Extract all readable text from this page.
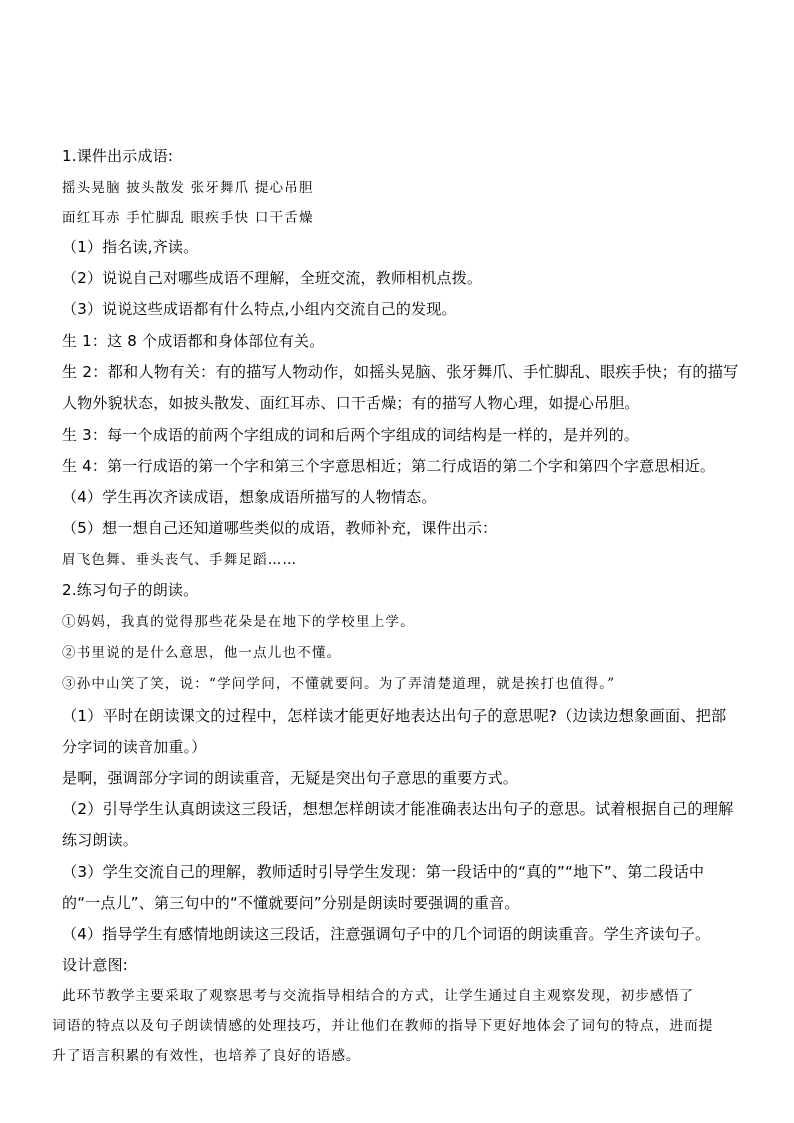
1.课件出示成语:
摇头晃脑 披头散发 张牙舞爪 提心吊胆
面红耳赤 手忙脚乱 眼疾手快 口干舌燥
（1）指名读,齐读。
（2）说说自己对哪些成语不理解，全班交流，教师相机点拨。
（3）说说这些成语都有什么特点,小组内交流自己的发现。
生 1：这 8 个成语都和身体部位有关。
生 2：都和人物有关：有的描写人物动作，如摇头晃脑、张牙舞爪、手忙脚乱、眼疾手快；有的描写
人物外貌状态，如披头散发、面红耳赤、口干舌燥；有的描写人物心理，如提心吊胆。
生 3：每一个成语的前两个字组成的词和后两个字组成的词结构是一样的，是并列的。
生 4：第一行成语的第一个字和第三个字意思相近；第二行成语的第二个字和第四个字意思相近。
（4）学生再次齐读成语，想象成语所描写的人物情态。
（5）想一想自己还知道哪些类似的成语，教师补充，课件出示：
眉飞色舞、垂头丧气、手舞足蹈……
2.练习句子的朗读。
①妈妈，我真的觉得那些花朵是在地下的学校里上学。
②书里说的是什么意思，他一点儿也不懂。
③孙中山笑了笑，说：“学问学问，不懂就要问。为了弄清楚道理，就是挨打也值得。”
（1）平时在朗读课文的过程中，怎样读才能更好地表达出句子的意思呢?（边读边想象画面、把部
分字词的读音加重。）
是啊，强调部分字词的朗读重音，无疑是突出句子意思的重要方式。
（2）引导学生认真朗读这三段话，想想怎样朗读才能准确表达出句子的意思。试着根据自己的理解
练习朗读。
（3）学生交流自己的理解，教师适时引导学生发现：第一段话中的“真的”“地下”、第二段话中
的“一点儿”、第三句中的“不懂就要问”分别是朗读时要强调的重音。
（4）指导学生有感情地朗读这三段话，注意强调句子中的几个词语的朗读重音。学生齐读句子。
设计意图:
此环节教学主要采取了观察思考与交流指导相结合的方式，让学生通过自主观察发现，初步感悟了
词语的特点以及句子朗读情感的处理技巧，并让他们在教师的指导下更好地体会了词句的特点，进而提
升了语言积累的有效性，也培养了良好的语感。
